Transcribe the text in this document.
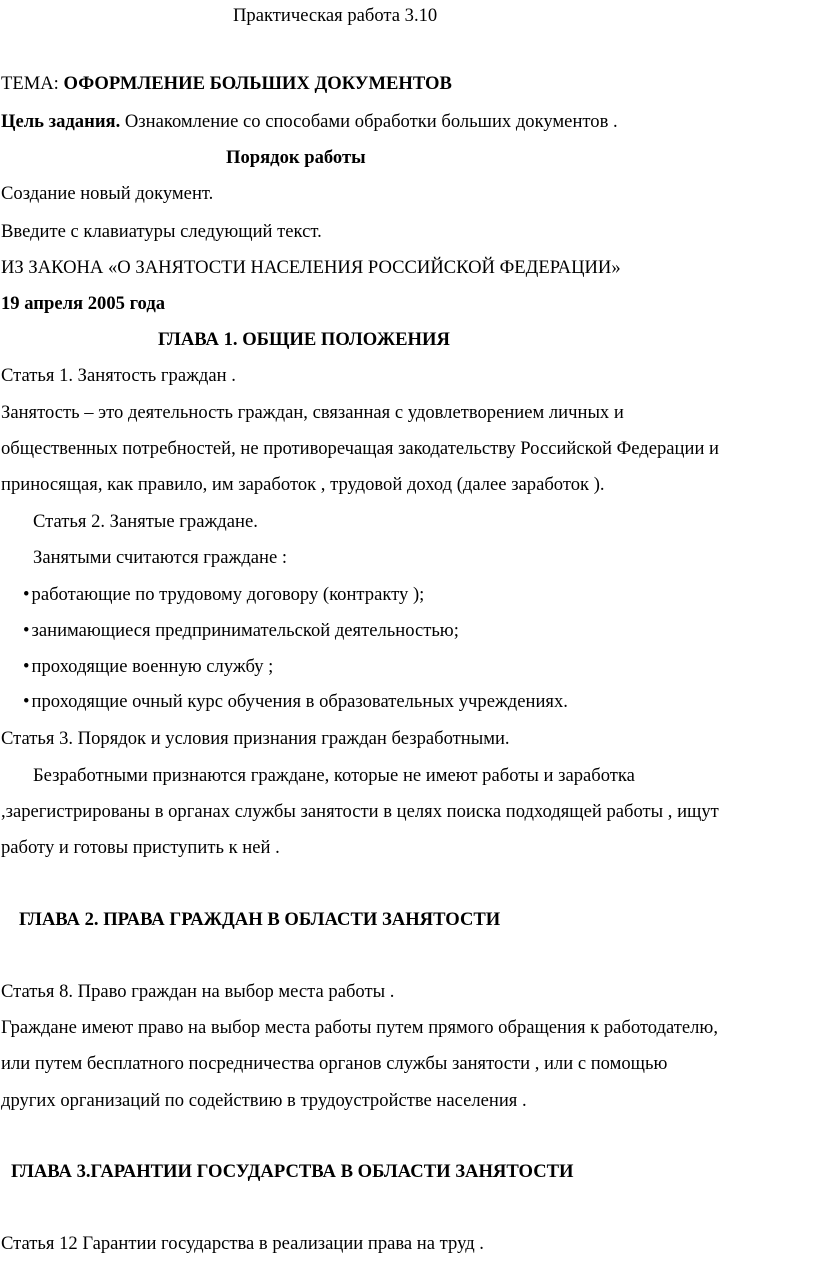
Практическая работа 3.10
ТЕМА: ОФОРМЛЕНИЕ БОЛЬШИХ ДОКУМЕНТОВ
Цель задания. Ознакомление со способами обработки больших документов .
Порядок работы
Создание новый документ.
Введите с клавиатуры следующий текст.
ИЗ ЗАКОНА «О ЗАНЯТОСТИ НАСЕЛЕНИЯ РОССИЙСКОЙ ФЕДЕРАЦИИ»
19 апреля 2005 года
ГЛАВА 1. ОБЩИЕ ПОЛОЖЕНИЯ
Статья 1. Занятость граждан .
Занятость – это деятельность граждан, связанная с удовлетворением личных и
общественных потребностей, не противоречащая закодательству Российской Федерации и
приносящая, как правило, им заработок , трудовой доход (далее заработок ).
Статья 2. Занятые граждане.
Занятыми считаются граждане :
• работающие по трудовому договору (контракту );
• занимающиеся предпринимательской деятельностью;
• проходящие военную службу ;
• проходящие очный курс обучения в образовательных учреждениях.
Статья 3. Порядок и условия признания граждан безработными.
Безработными признаются граждане, которые не имеют работы и заработка
,зарегистрированы в органах службы занятости в целях поиска подходящей работы , ищут
работу и готовы приступить к ней .
ГЛАВА 2. ПРАВА ГРАЖДАН В ОБЛАСТИ ЗАНЯТОСТИ
Статья 8. Право граждан на выбор места работы .
Граждане имеют право на выбор места работы путем прямого обращения к работодателю,
или путем бесплатного посредничества органов службы занятости , или с помощью
других организаций по содействию в трудоустройстве населения .
ГЛАВА 3.ГАРАНТИИ ГОСУДАРСТВА В ОБЛАСТИ ЗАНЯТОСТИ
Статья 12 Гарантии государства в реализации права на труд .
